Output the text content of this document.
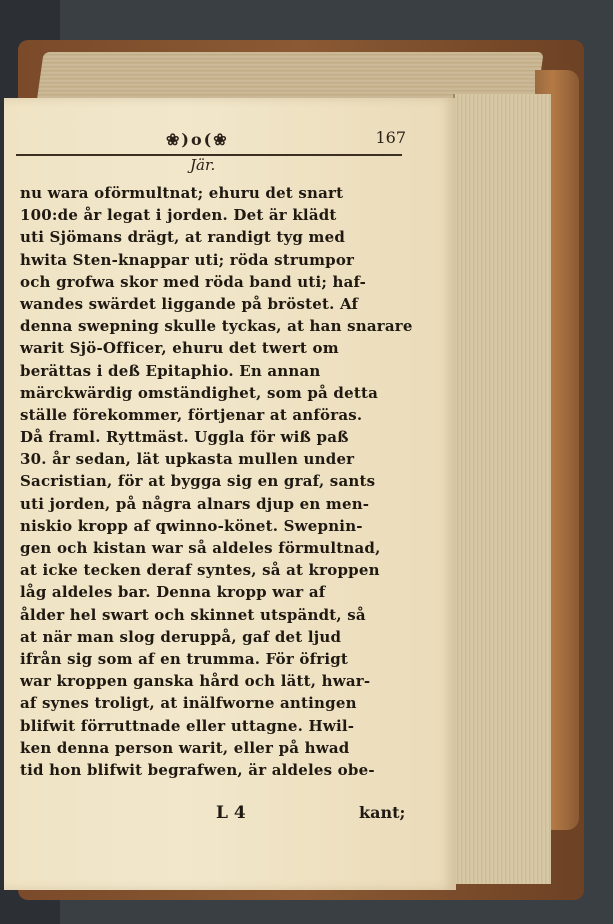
❀)o(❀	167
Jär.
nu wara oförmultnat; ehuru det snart
100:de år legat i jorden. Det är klädt
uti Sjömans drägt, at randigt tyg med
hwita Sten-knappar uti; röda strumpor
och grofwa skor med röda band uti; haf-
wandes swärdet liggande på bröstet. Af
denna swepning skulle tyckas, at han snarare
warit Sjö-Officer, ehuru det twert om
berättas i deß Epitaphio. En annan
märckwärdig omständighet, som på detta
ställe förekommer, förtjenar at anföras.
Då framl. Ryttmäst. Uggla för wiß paß
30. år sedan, lät upkasta mullen under
Sacristian, för at bygga sig en graf, sants
uti jorden, på några alnars djup en men-
niskio kropp af qwinno-könet. Swepnin-
gen och kistan war så aldeles förmultnad,
at icke tecken deraf syntes, så at kroppen
låg aldeles bar. Denna kropp war af
ålder hel swart och skinnet utspändt, så
at när man slog deruppå, gaf det ljud
ifrån sig som af en trumma. För öfrigt
war kroppen ganska hård och lätt, hwar-
af synes troligt, at inälfworne antingen
blifwit förruttnade eller uttagne. Hwil-
ken denna person warit, eller på hwad
tid hon blifwit begrafwen, är aldeles obe-
L 4	kant;
